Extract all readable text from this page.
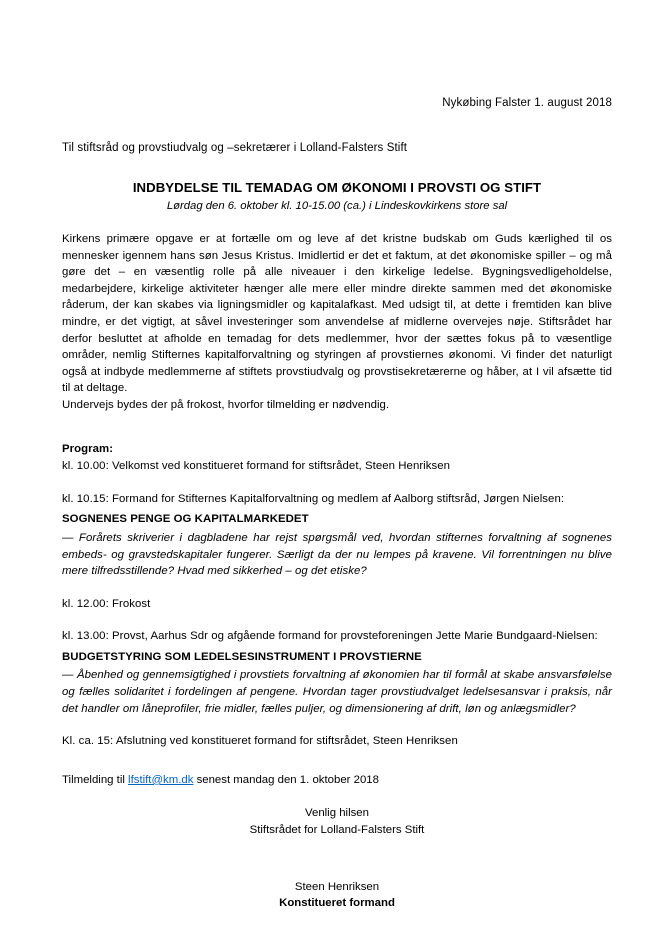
Nykøbing Falster 1. august 2018
Til stiftsråd og provstiudvalg og –sekretærer i Lolland-Falsters Stift
INDBYDELSE TIL TEMADAG OM ØKONOMI I PROVSTI OG STIFT
Lørdag den 6. oktober kl. 10-15.00 (ca.) i Lindeskovkirkens store sal

Kirkens primære opgave er at fortælle om og leve af det kristne budskab om Guds kærlighed til os mennesker igennem hans søn Jesus Kristus. Imidlertid er det et faktum, at det økonomiske spiller – og må gøre det – en væsentlig rolle på alle niveauer i den kirkelige ledelse. Bygningsvedligeholdelse, medarbejdere, kirkelige aktiviteter hænger alle mere eller mindre direkte sammen med det økonomiske råderum, der kan skabes via ligningsmidler og kapitalafkast. Med udsigt til, at dette i fremtiden kan blive mindre, er det vigtigt, at såvel investeringer som anvendelse af midlerne overvejes nøje. Stiftsrådet har derfor besluttet at afholde en temadag for dets medlemmer, hvor der sættes fokus på to væsentlige områder, nemlig Stifternes kapitalforvaltning og styringen af provstiernes økonomi. Vi finder det naturligt også at indbyde medlemmerne af stiftets provstiudvalg og provstisekretærerne og håber, at I vil afsætte tid til at deltage.

Undervejs bydes der på frokost, hvorfor tilmelding er nødvendig.

Program:

kl. 10.00: Velkomst ved konstitueret formand for stiftsrådet, Steen Henriksen

kl. 10.15: Formand for Stifternes Kapitalforvaltning og medlem af Aalborg stiftsråd, Jørgen Nielsen:

SOGNENES PENGE OG KAPITALMARKEDET

— Forårets skriverier i dagbladene har rejst spørgsmål ved, hvordan stifternes forvaltning af sognenes embeds- og gravstedskapitaler fungerer. Særligt da der nu lempes på kravene. Vil forrentningen nu blive mere tilfredsstillende? Hvad med sikkerhed – og det etiske?

kl. 12.00: Frokost

kl. 13.00: Provst, Aarhus Sdr og afgående formand for provsteforeningen Jette Marie Bundgaard-Nielsen:

BUDGETSTYRING SOM LEDELSESINSTRUMENT I PROVSTIERNE

— Åbenhed og gennemsigtighed i provstiets forvaltning af økonomien har til formål at skabe ansvarsfølelse og fælles solidaritet i fordelingen af pengene. Hvordan tager provstiudvalget ledelsesansvar i praksis, når det handler om låneprofiler, frie midler, fælles puljer, og dimensionering af drift, løn og anlægsmidler?

Kl. ca. 15: Afslutning ved konstitueret formand for stiftsrådet, Steen Henriksen

Tilmelding til lfstift@km.dk senest mandag den 1. oktober 2018

Venlig hilsen

Stiftsrådet for Lolland-Falsters Stift

Steen Henriksen

Konstitueret formand
